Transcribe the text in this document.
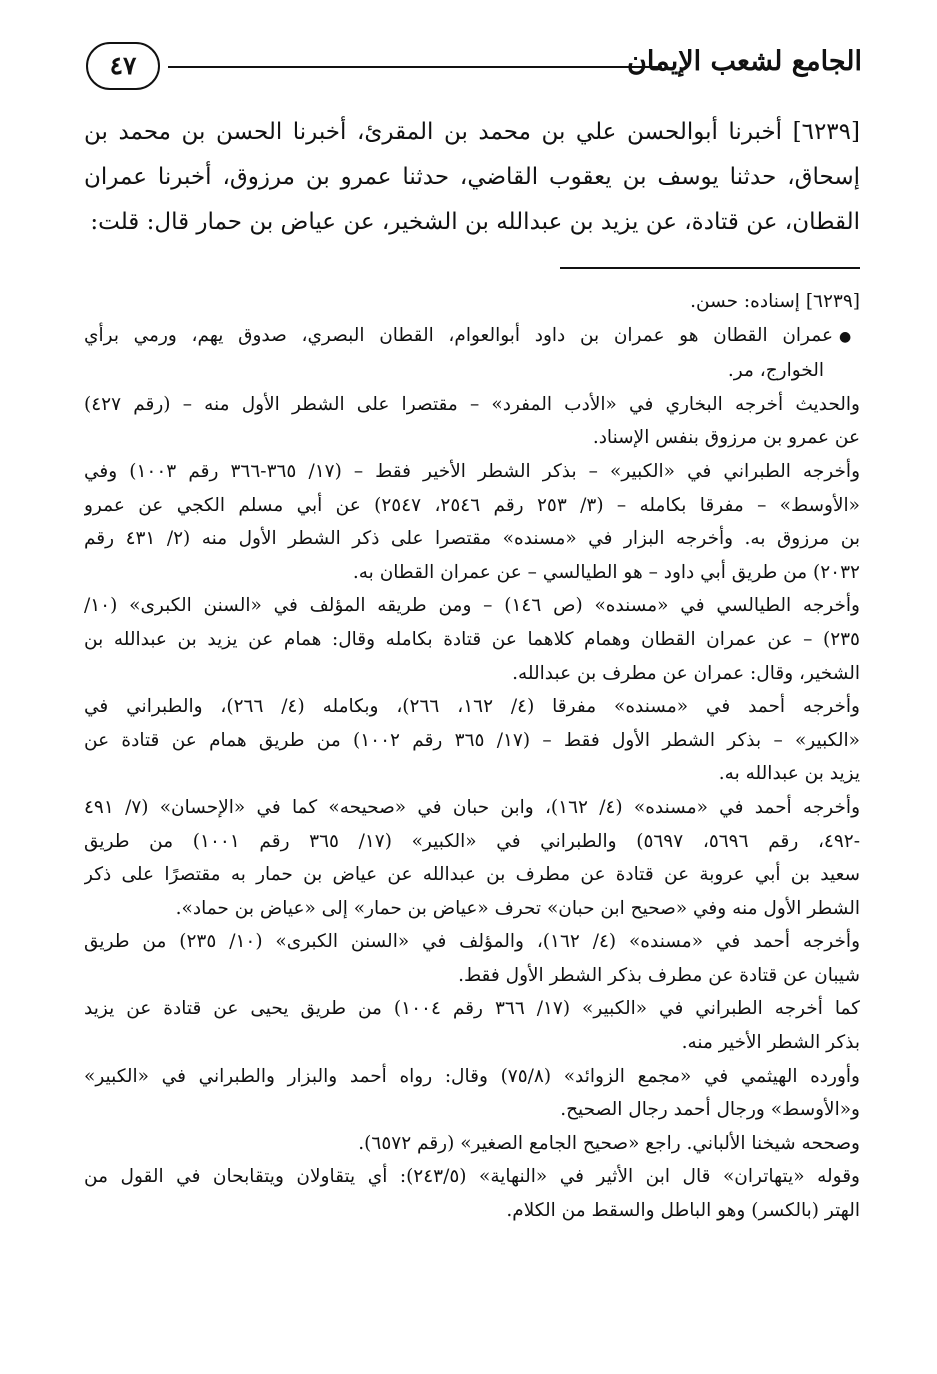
الجامع لشعب الإيمان
٤٧
[٦٢٣٩] أخبرنا أبوالحسن علي بن محمد بن المقرئ، أخبرنا الحسن بن محمد بن
إسحاق، حدثنا يوسف بن يعقوب القاضي، حدثنا عمرو بن مرزوق، أخبرنا عمران
القطان، عن قتادة، عن يزيد بن عبدالله بن الشخير، عن عياض بن حمار قال: قلت:
[٦٢٣٩] إسناده: حسن.
●عمران القطان هو عمران بن داود أبوالعوام، القطان البصري، صدوق يهم، ورمي برأي
الخوارج، مر.
والحديث أخرجه البخاري في «الأدب المفرد» – مقتصرا على الشطر الأول منه – (رقم ٤٢٧)
عن عمرو بن مرزوق بنفس الإسناد.
وأخرجه الطبراني في «الكبير» – بذكر الشطر الأخير فقط – (١٧/ ٣٦٥-٣٦٦ رقم ١٠٠٣) وفي
«الأوسط» – مفرقا بكامله – (٣/ ٢٥٣ رقم ٢٥٤٦، ٢٥٤٧) عن أبي مسلم الكجي عن عمرو
بن مرزوق به. وأخرجه البزار في «مسنده» مقتصرا على ذكر الشطر الأول منه (٢/ ٤٣١ رقم
٢٠٣٢) من طريق أبي داود – هو الطيالسي – عن عمران القطان به.
وأخرجه الطيالسي في «مسنده» (ص ١٤٦) – ومن طريقه المؤلف في «السنن الكبرى» (١٠/
٢٣٥) – عن عمران القطان وهمام كلاهما عن قتادة بكامله وقال: همام عن يزيد بن عبدالله بن
الشخير، وقال: عمران عن مطرف بن عبدالله.
وأخرجه أحمد في «مسنده» مفرقا (٤/ ١٦٢، ٢٦٦)، وبكامله (٤/ ٢٦٦)، والطبراني في
«الكبير» – بذكر الشطر الأول فقط – (١٧/ ٣٦٥ رقم ١٠٠٢) من طريق همام عن قتادة عن
يزيد بن عبدالله به.
وأخرجه أحمد في «مسنده» (٤/ ١٦٢)، وابن حبان في «صحيحه» كما في «الإحسان» (٧/ ٤٩١
-٤٩٢، رقم ٥٦٩٦، ٥٦٩٧) والطبراني في «الكبير» (١٧/ ٣٦٥ رقم ١٠٠١) من طريق
سعيد بن أبي عروبة عن قتادة عن مطرف بن عبدالله عن عياض بن حمار به مقتصرًا على ذكر
الشطر الأول منه وفي «صحيح ابن حبان» تحرف «عياض بن حمار» إلى «عياض بن حماد».
وأخرجه أحمد في «مسنده» (٤/ ١٦٢)، والمؤلف في «السنن الكبرى» (١٠/ ٢٣٥) من طريق
شيبان عن قتادة عن مطرف بذكر الشطر الأول فقط.
كما أخرجه الطبراني في «الكبير» (١٧/ ٣٦٦ رقم ١٠٠٤) من طريق يحيى عن قتادة عن يزيد
بذكر الشطر الأخير منه.
وأورده الهيثمي في «مجمع الزوائد» (٧٥/٨) وقال: رواه أحمد والبزار والطبراني في «الكبير»
و«الأوسط» ورجال أحمد رجال الصحيح.
وصححه شيخنا الألباني. راجع «صحيح الجامع الصغير» (رقم ٦٥٧٢).
وقوله «يتهاتران» قال ابن الأثير في «النهاية» (٢٤٣/٥): أي يتقاولان ويتقابحان في القول من
الهتر (بالكسر) وهو الباطل والسقط من الكلام.
